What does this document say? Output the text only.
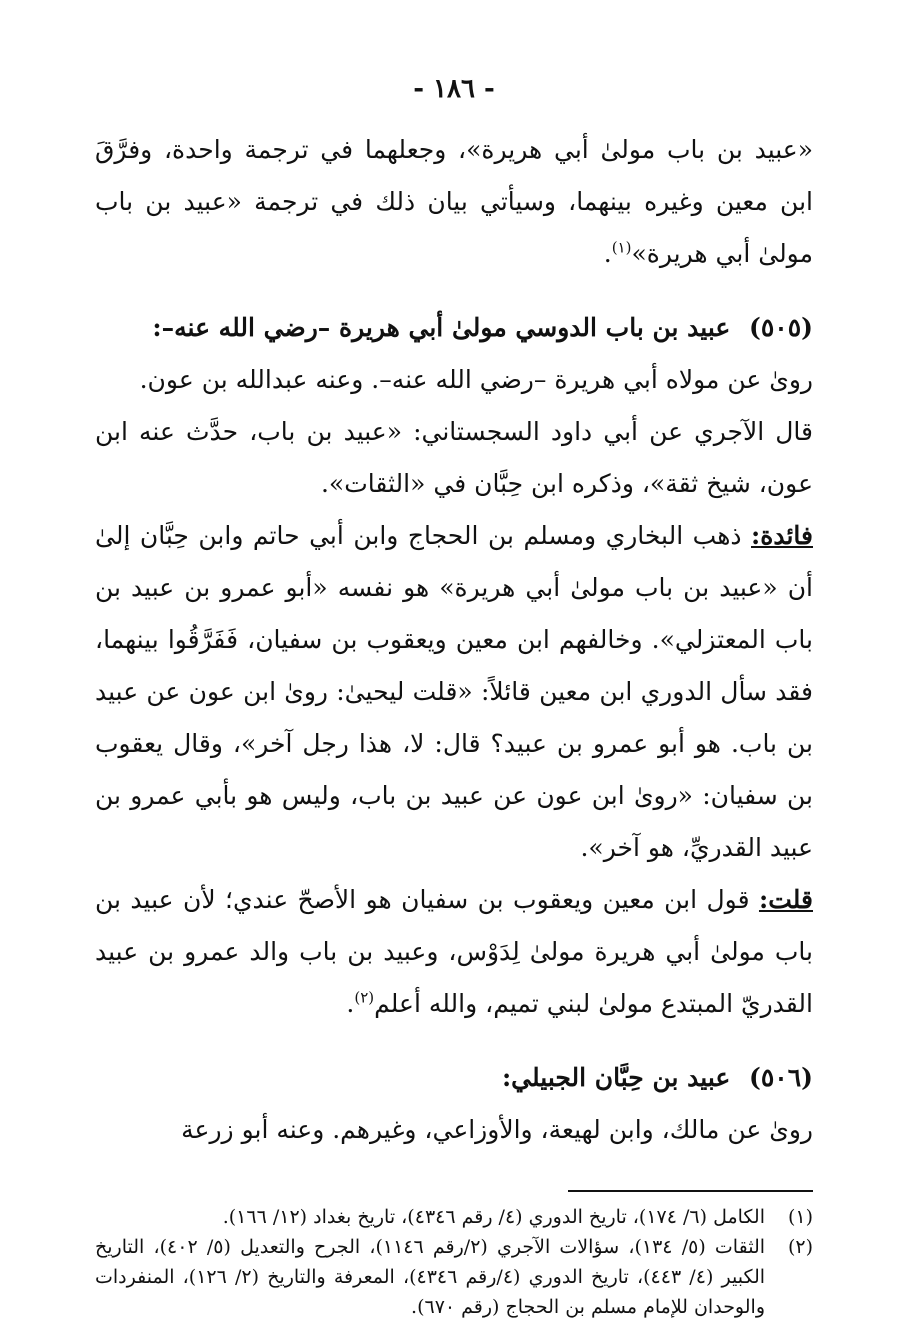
- ١٨٦ -

«عبيد بن باب مولىٰ أبي هريرة»، وجعلهما في ترجمة واحدة، وفرَّقَ ابن معين وغيره بينهما، وسيأتي بيان ذلك في ترجمة «عبيد بن باب مولىٰ أبي هريرة»$^{(١)}$.

(٥٠٥) عبيد بن باب الدوسي مولىٰ أبي هريرة –رضي الله عنه–:

روىٰ عن مولاه أبي هريرة –رضي الله عنه–. وعنه عبدالله بن عون.

قال الآجري عن أبي داود السجستاني: «عبيد بن باب، حدَّث عنه ابن عون، شيخ ثقة»، وذكره ابن حِبَّان في «الثقات».

فائدة: ذهب البخاري ومسلم بن الحجاج وابن أبي حاتم وابن حِبَّان إلىٰ أن «عبيد بن باب مولىٰ أبي هريرة» هو نفسه «أبو عمرو بن عبيد بن باب المعتزلي». وخالفهم ابن معين ويعقوب بن سفيان، فَفَرَّقُوا بينهما، فقد سأل الدوري ابن معين قائلاً: «قلت ليحيىٰ: روىٰ ابن عون عن عبيد بن باب. هو أبو عمرو بن عبيد؟ قال: لا، هذا رجل آخر»، وقال يعقوب بن سفيان: «روىٰ ابن عون عن عبيد بن باب، وليس هو بأبي عمرو بن عبيد القدريِّ، هو آخر».

قلت: قول ابن معين ويعقوب بن سفيان هو الأصحّ عندي؛ لأن عبيد بن باب مولىٰ أبي هريرة مولىٰ لِدَوْس، وعبيد بن باب والد عمرو بن عبيد القدريّ المبتدع مولىٰ لبني تميم، والله أعلم$^{(٢)}$.

(٥٠٦) عبيد بن حِبَّان الجبيلي:

روىٰ عن مالك، وابن لهيعة، والأوزاعي، وغيرهم. وعنه أبو زرعة

(١)
الكامل (٦/ ١٧٤)، تاريخ الدوري (٤/ رقم ٤٣٤٦)، تاريخ بغداد (١٢/ ١٦٦).
(٢)
الثقات (٥/ ١٣٤)، سؤالات الآجري (٢/رقم ١١٤٦)، الجرح والتعديل (٥/ ٤٠٢)، التاريخ الكبير (٤/ ٤٤٣)، تاريخ الدوري (٤/رقم ٤٣٤٦)، المعرفة والتاريخ (٢/ ١٢٦)، المنفردات والوحدان للإمام مسلم بن الحجاج (رقم ٦٧٠).
